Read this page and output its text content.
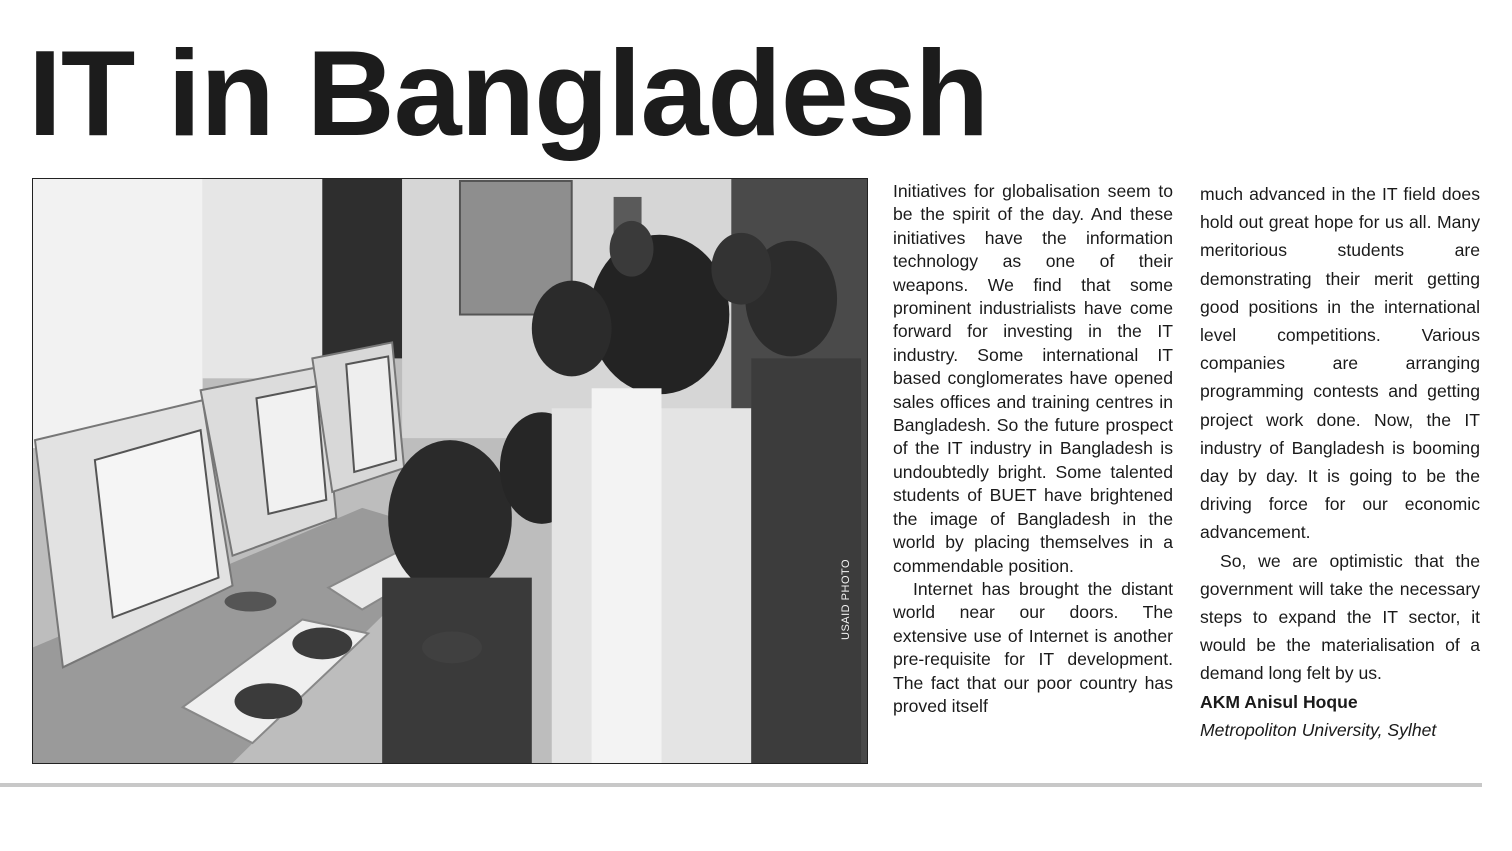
IT in Bangladesh
USAID PHOTO

Initiatives for globalisation seem to be the spirit of the day. And these initiatives have the information technology as one of their weapons. We find that some prominent industrialists have come forward for investing in the IT industry. Some international IT based conglomerates have opened sales offices and training centres in Bangladesh. So the future prospect of the IT industry in Bangladesh is undoubtedly bright. Some talented students of BUET have brightened the image of Bangladesh in the world by placing themselves in a commendable position.

Internet has brought the distant world near our doors. The extensive use of Internet is another pre-requisite for IT development. The fact that our poor country has proved itself

much advanced in the IT field does hold out great hope for us all. Many meritorious students are demonstrating their merit getting good positions in the international level competitions. Various companies are arranging programming contests and getting project work done. Now, the IT industry of Bangladesh is booming day by day. It is going to be the driving force for our economic advancement.

So, we are optimistic that the government will take the necessary steps to expand the IT sector, it would be the materialisation of a demand long felt by us.

AKM Anisul Hoque

Metropoliton University, Sylhet
